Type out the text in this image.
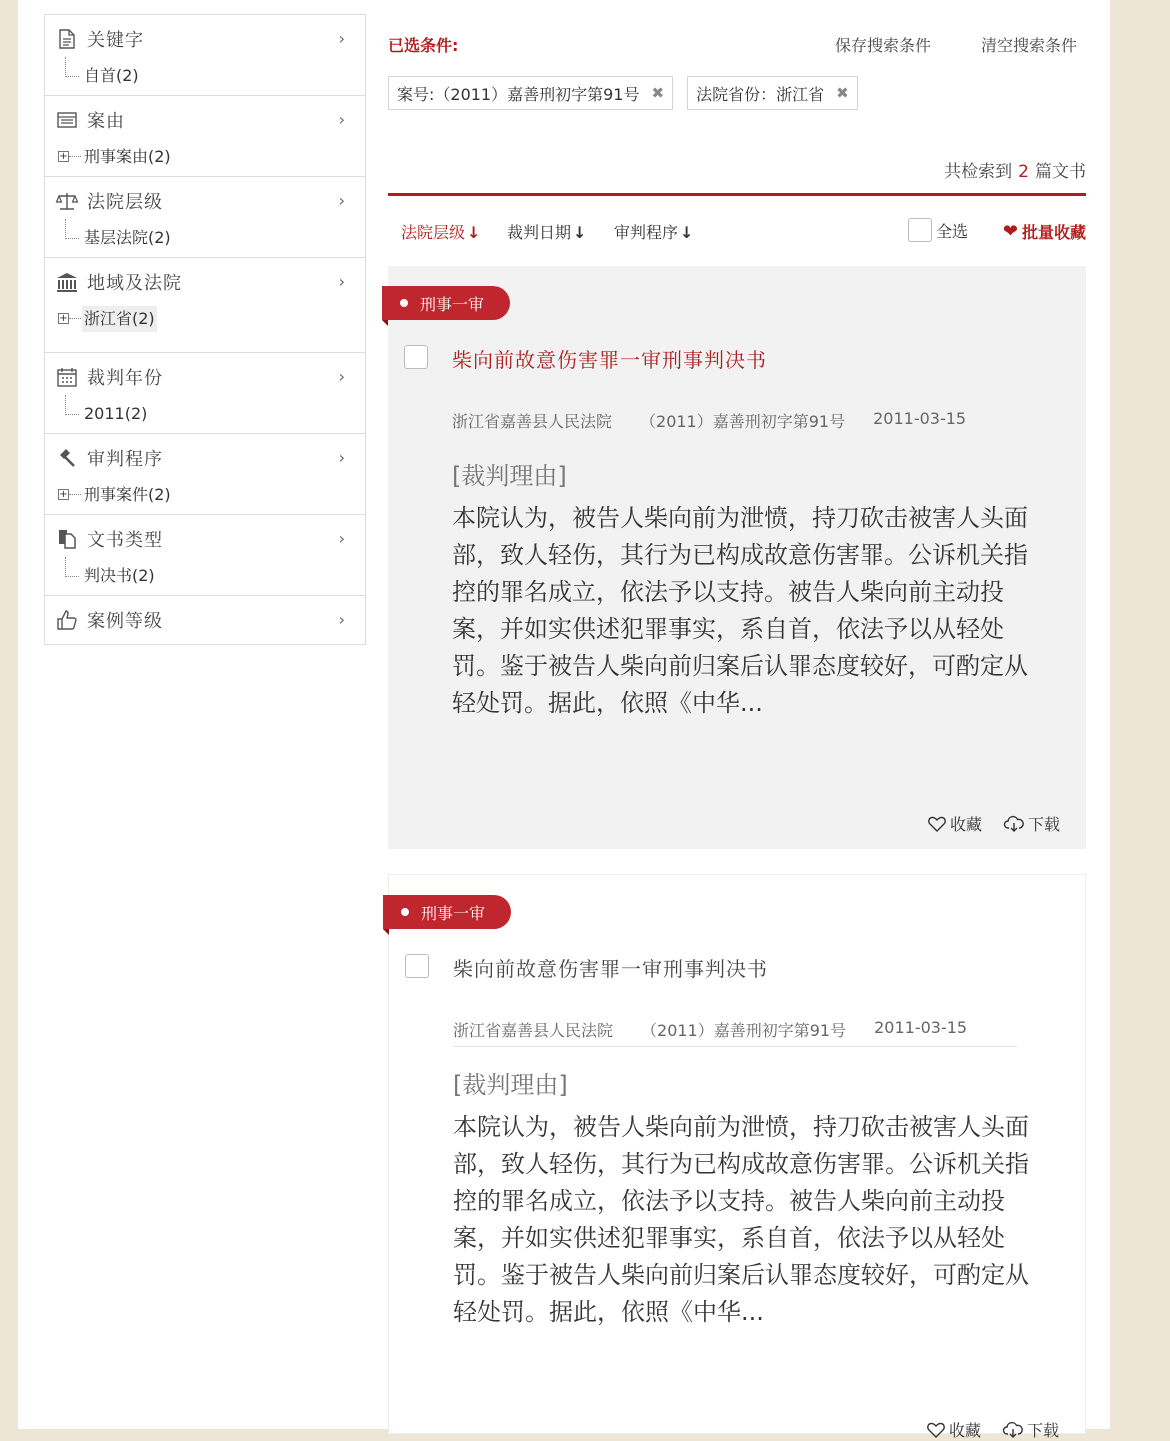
关键字	›
自首(2)
案由	›
+ 刑事案由(2)
法院层级	›
基层法院(2)
地域及法院	›
+ 浙江省(2)
裁判年份	›
2011(2)
审判程序	›
+ 刑事案件(2)
文书类型	›
判决书(2)
案例等级	›
已选条件:	保存搜索条件	清空搜索条件
案号:（2011）嘉善刑初字第91号 ✖ 法院省份：浙江省 ✖
共检索到 2 篇文书
法院层级 ↓ 裁判日期 ↓ 审判程序 ↓	全选 ❤ 批量收藏
刑事一审
柴向前故意伤害罪一审刑事判决书
浙江省嘉善县人民法院 （2011）嘉善刑初字第91号 2011-03-15
[裁判理由]
本院认为，被告人柴向前为泄愤，持刀砍击被害人头面部，致人轻伤，其行为已构成故意伤害罪。公诉机关指控的罪名成立，依法予以支持。被告人柴向前主动投案，并如实供述犯罪事实，系自首，依法予以从轻处罚。鉴于被告人柴向前归案后认罪态度较好，可酌定从轻处罚。据此，依照《中华...
收藏	下载
刑事一审
柴向前故意伤害罪一审刑事判决书
浙江省嘉善县人民法院 （2011）嘉善刑初字第91号 2011-03-15
[裁判理由]
本院认为，被告人柴向前为泄愤，持刀砍击被害人头面部，致人轻伤，其行为已构成故意伤害罪。公诉机关指控的罪名成立，依法予以支持。被告人柴向前主动投案，并如实供述犯罪事实，系自首，依法予以从轻处罚。鉴于被告人柴向前归案后认罪态度较好，可酌定从轻处罚。据此，依照《中华...
收藏	下载
